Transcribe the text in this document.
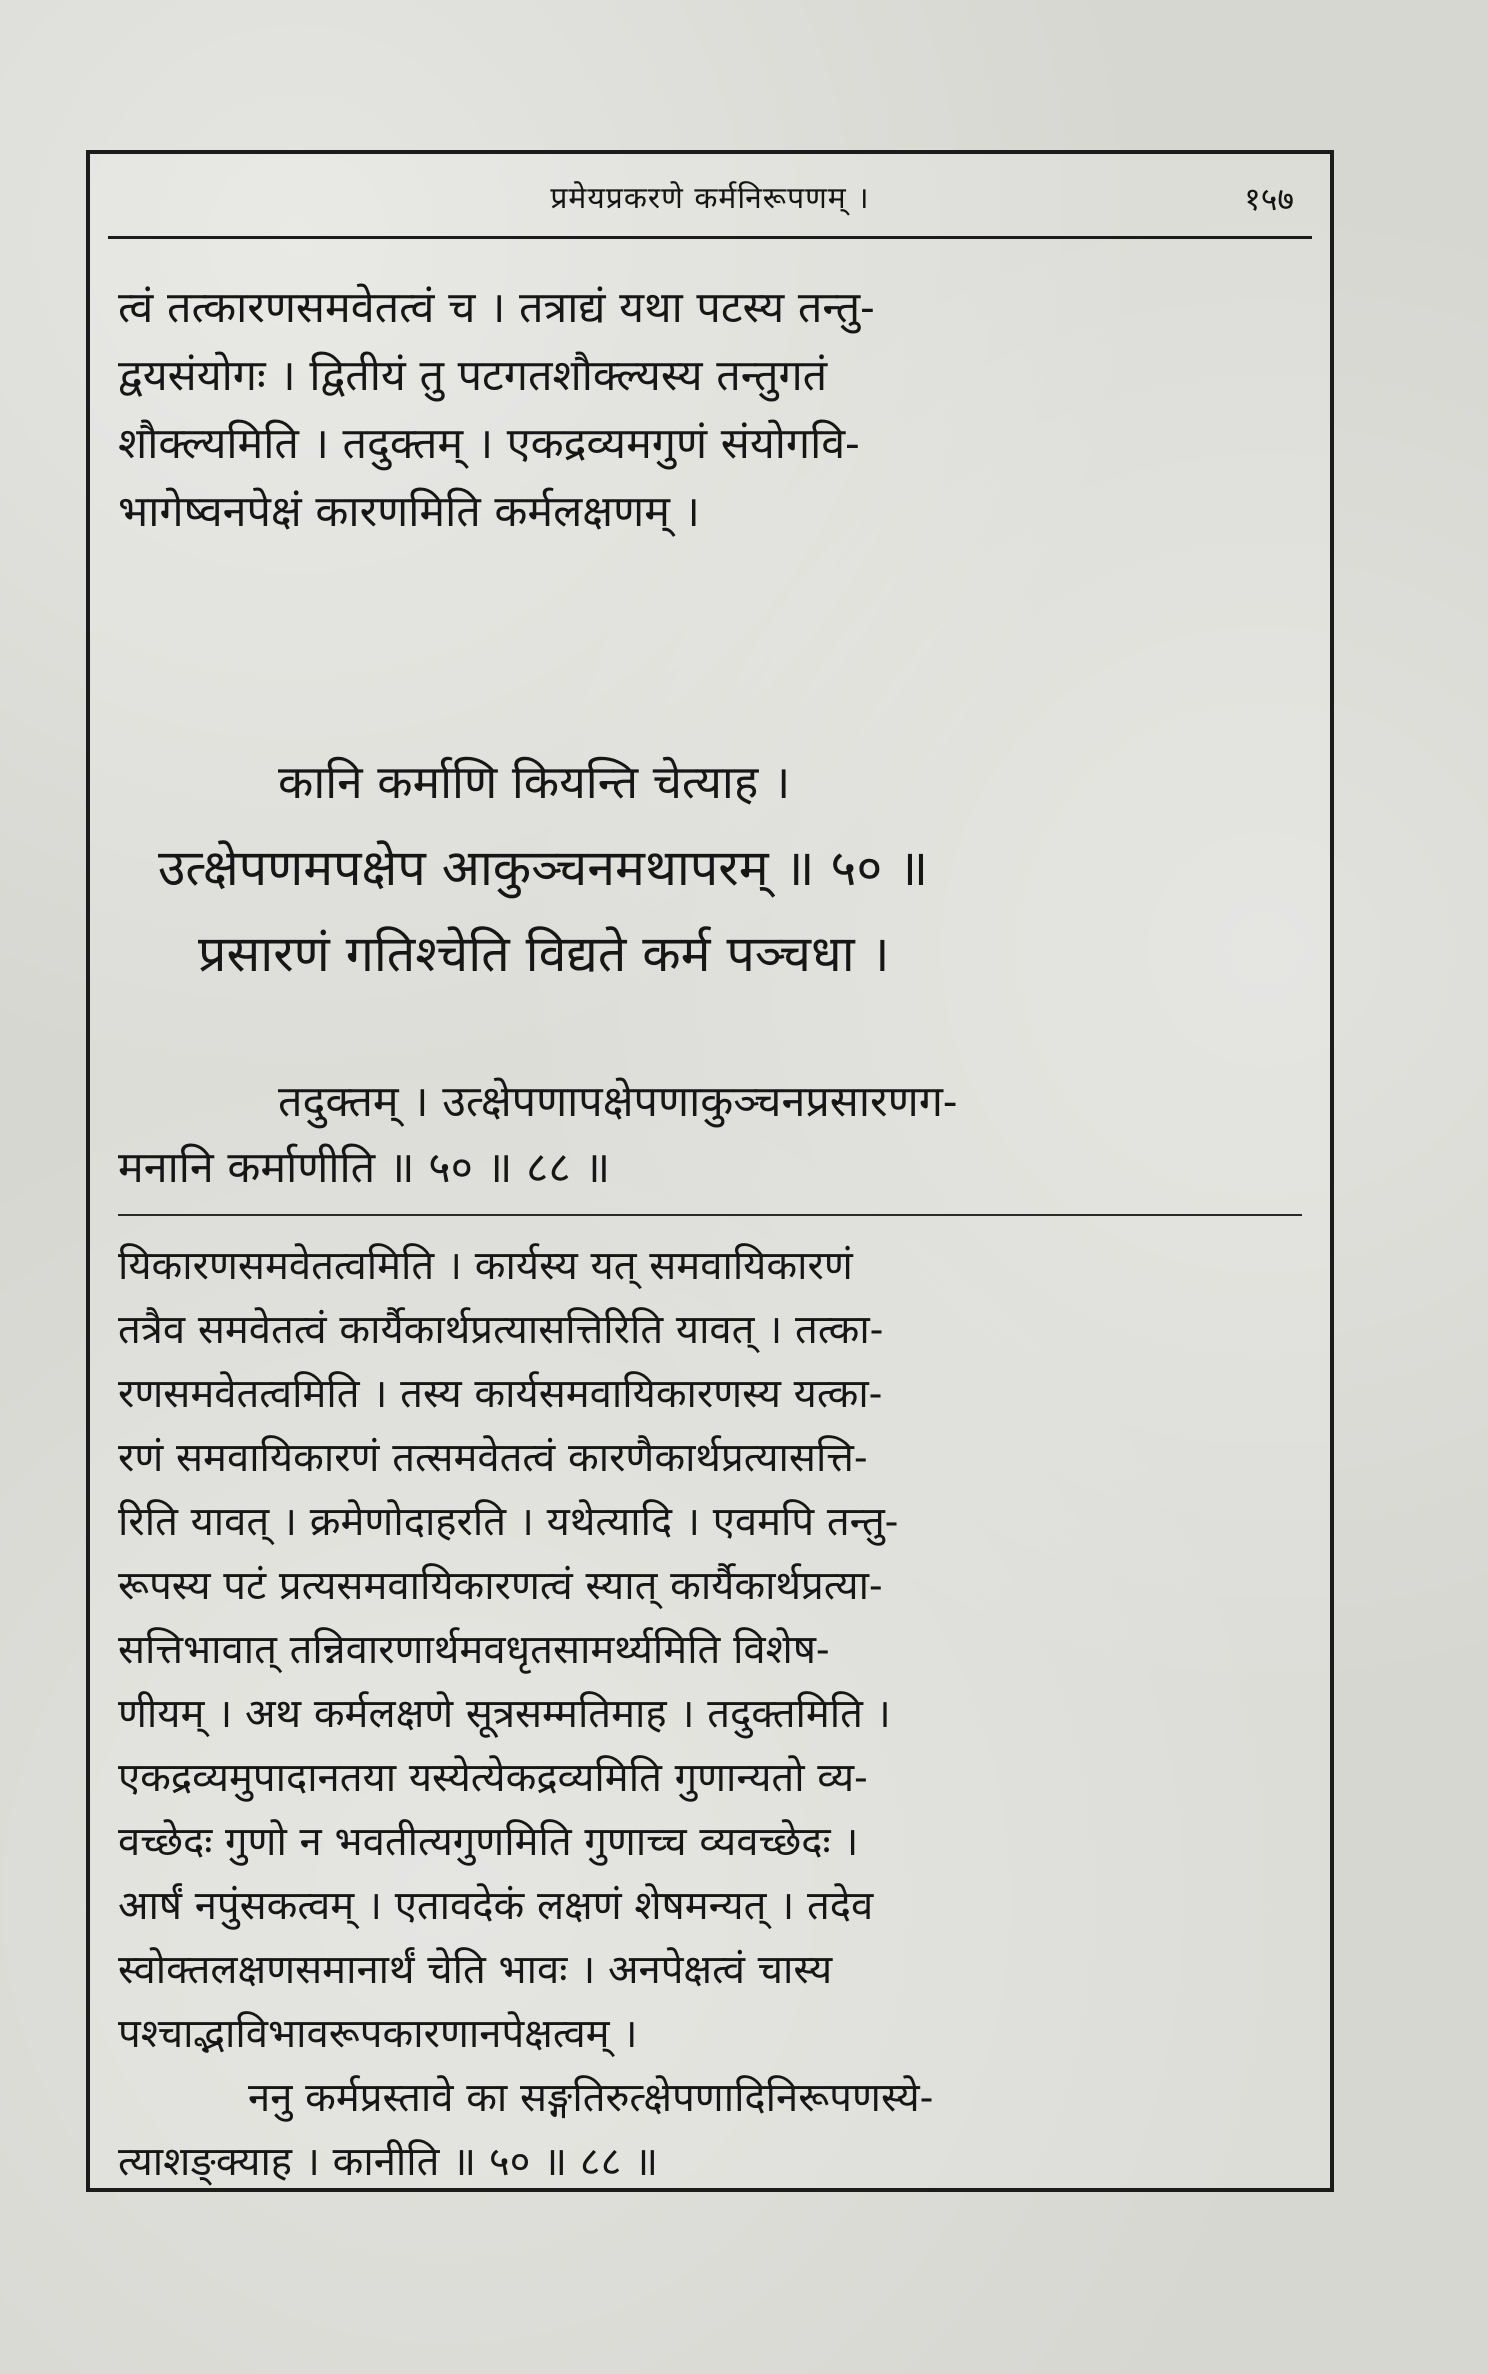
प्रमेयप्रकरणे कर्मनिरूपणम् ।	१५७

त्वं तत्कारणसमवेतत्वं च । तत्राद्यं यथा पटस्य तन्तु-

द्वयसंयोगः । द्वितीयं तु पटगतशौक्ल्यस्य तन्तुगतं

शौक्ल्यमिति । तदुक्तम् । एकद्रव्यमगुणं संयोगवि-

भागेष्वनपेक्षं कारणमिति कर्मलक्षणम् ।

कानि कर्माणि कियन्ति चेत्याह ।

उत्क्षेपणमपक्षेप आकुञ्चनमथापरम् ॥ ५० ॥

प्रसारणं गतिश्चेति विद्यते कर्म पञ्चधा ।

तदुक्तम् । उत्क्षेपणापक्षेपणाकुञ्चनप्रसारणग-

मनानि कर्माणीति ॥ ५० ॥ ८८ ॥

यिकारणसमवेतत्वमिति । कार्यस्य यत् समवायिकारणं

तत्रैव समवेतत्वं कार्यैकार्थप्रत्यासत्तिरिति यावत् । तत्का-

रणसमवेतत्वमिति । तस्य कार्यसमवायिकारणस्य यत्का-

रणं समवायिकारणं तत्समवेतत्वं कारणैकार्थप्रत्यासत्ति-

रिति यावत् । क्रमेणोदाहरति । यथेत्यादि । एवमपि तन्तु-

रूपस्य पटं प्रत्यसमवायिकारणत्वं स्यात् कार्यैकार्थप्रत्या-

सत्तिभावात् तन्निवारणार्थमवधृतसामर्थ्यमिति विशेष-

णीयम् । अथ कर्मलक्षणे सूत्रसम्मतिमाह । तदुक्तमिति ।

एकद्रव्यमुपादानतया यस्येत्येकद्रव्यमिति गुणान्यतो व्य-

वच्छेदः गुणो न भवतीत्यगुणमिति गुणाच्च व्यवच्छेदः ।

आर्षं नपुंसकत्वम् । एतावदेकं लक्षणं शेषमन्यत् । तदेव

स्वोक्तलक्षणसमानार्थं चेति भावः । अनपेक्षत्वं चास्य

पश्चाद्भाविभावरूपकारणानपेक्षत्वम् ।

ननु कर्मप्रस्तावे का सङ्गतिरुत्क्षेपणादिनिरूपणस्ये-

त्याशङ्क्याह । कानीति ॥ ५० ॥ ८८ ॥
